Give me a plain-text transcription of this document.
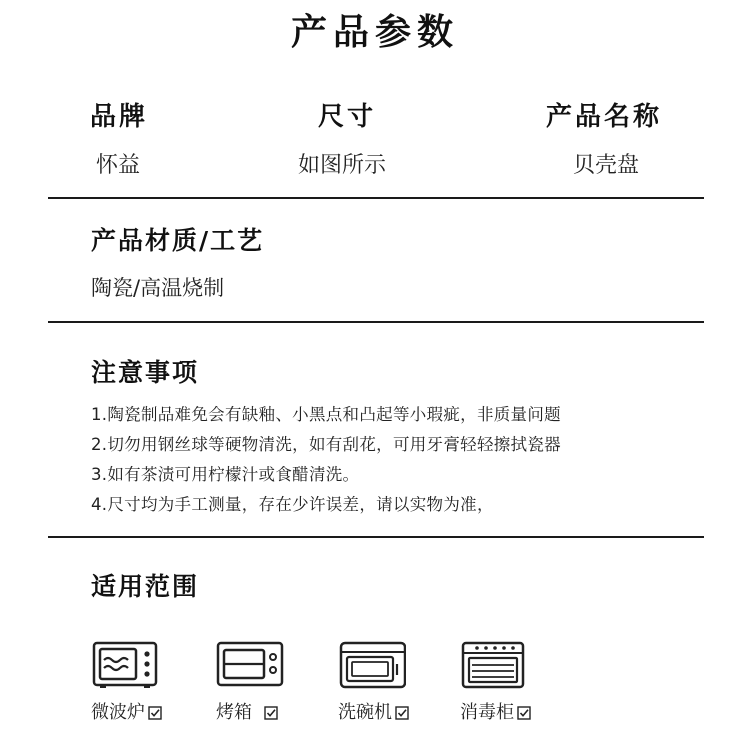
产品参数
品牌	尺寸	产品名称
怀益	如图所示	贝壳盘
产品材质/工艺
陶瓷/高温烧制
注意事项
1.陶瓷制品难免会有缺釉、小黑点和凸起等小瑕疵，非质量问题
2.切勿用钢丝球等硬物清洗，如有刮花，可用牙膏轻轻擦拭瓷器
3.如有茶渍可用柠檬汁或食醋清洗。
4.尺寸均为手工测量，存在少许误差，请以实物为准，
适用范围
微波炉	烤箱	洗碗机	消毒柜
